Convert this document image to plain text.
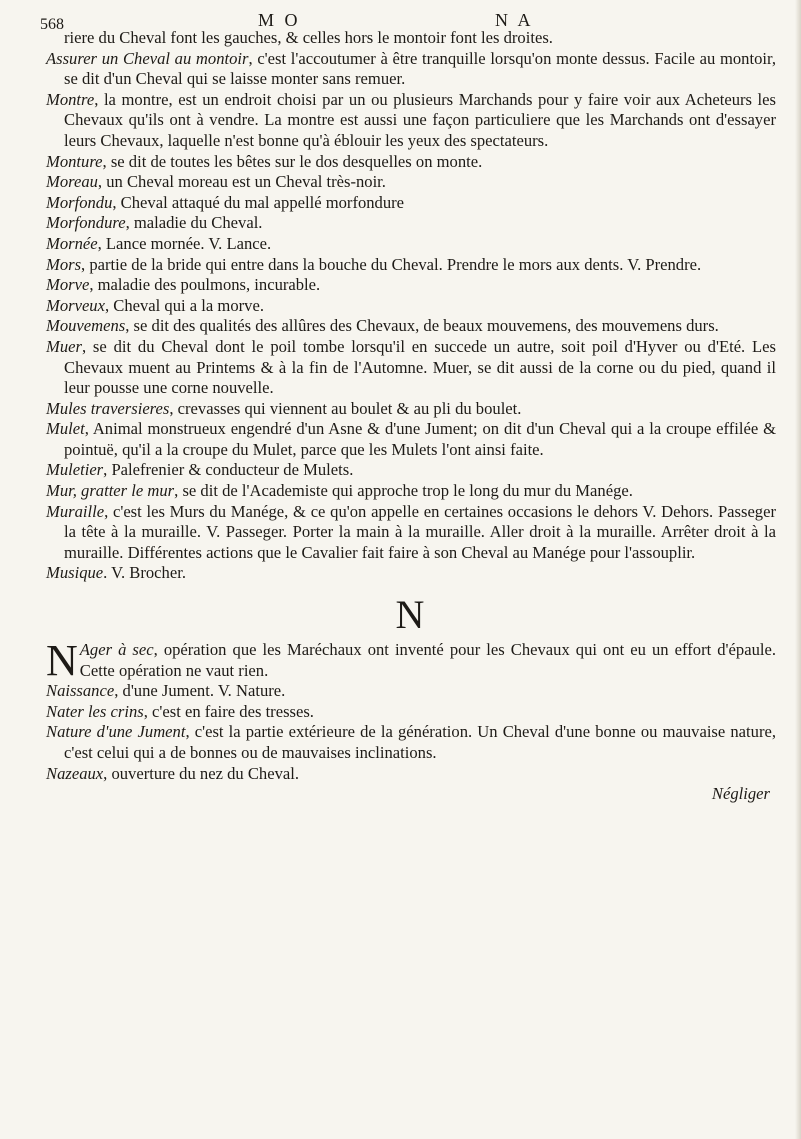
568	M O	N A

riere du Cheval font les gauches, & celles hors le montoir font les droites.

Assurer un Cheval au montoir, c'est l'accoutumer à être tranquille lorsqu'on monte dessus. Facile au montoir, se dit d'un Cheval qui se laisse monter sans remuer.

Montre, la montre, est un endroit choisi par un ou plusieurs Marchands pour y faire voir aux Acheteurs les Chevaux qu'ils ont à vendre. La montre est aussi une façon particuliere que les Marchands ont d'essayer leurs Chevaux, laquelle n'est bonne qu'à éblouir les yeux des spectateurs.

Monture, se dit de toutes les bêtes sur le dos desquelles on monte.

Moreau, un Cheval moreau est un Cheval très-noir.

Morfondu, Cheval attaqué du mal appellé morfondure

Morfondure, maladie du Cheval.

Mornée, Lance mornée. V. Lance.

Mors, partie de la bride qui entre dans la bouche du Cheval. Prendre le mors aux dents. V. Prendre.

Morve, maladie des poulmons, incurable.

Morveux, Cheval qui a la morve.

Mouvemens, se dit des qualités des allûres des Chevaux, de beaux mouvemens, des mouvemens durs.

Muer, se dit du Cheval dont le poil tombe lorsqu'il en succede un autre, soit poil d'Hyver ou d'Eté. Les Chevaux muent au Printems & à la fin de l'Automne. Muer, se dit aussi de la corne ou du pied, quand il leur pousse une corne nouvelle.

Mules traversieres, crevasses qui viennent au boulet & au pli du boulet.

Mulet, Animal monstrueux engendré d'un Asne & d'une Jument; on dit d'un Cheval qui a la croupe effilée & pointuë, qu'il a la croupe du Mulet, parce que les Mulets l'ont ainsi faite.

Muletier, Palefrenier & conducteur de Mulets.

Mur, gratter le mur, se dit de l'Academiste qui approche trop le long du mur du Manége.

Muraille, c'est les Murs du Manége, & ce qu'on appelle en certaines occasions le dehors V. Dehors. Passeger la tête à la muraille. V. Passeger. Porter la main à la muraille. Aller droit à la muraille. Arrêter droit à la muraille. Différentes actions que le Cavalier fait faire à son Cheval au Manége pour l'assouplir.

Musique. V. Brocher.

N

N Ager à sec, opération que les Maréchaux ont inventé pour les Chevaux qui ont eu un effort d'épaule. Cette opération ne vaut rien.

Naissance, d'une Jument. V. Nature.

Nater les crins, c'est en faire des tresses.

Nature d'une Jument, c'est la partie extérieure de la génération. Un Cheval d'une bonne ou mauvaise nature, c'est celui qui a de bonnes ou de mauvaises inclinations.

Nazeaux, ouverture du nez du Cheval.

Négliger
